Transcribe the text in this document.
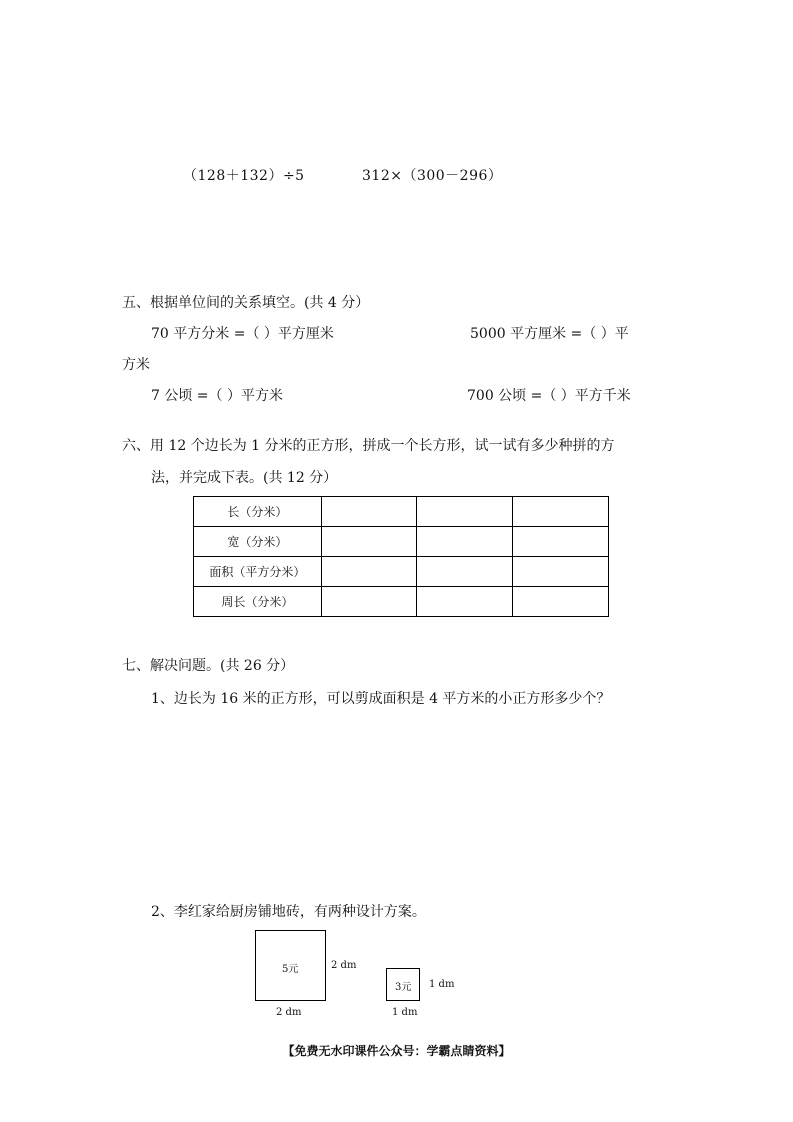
（128＋132）÷5	312×（300－296）
五、根据单位间的关系填空。(共 4 分）
70 平方分米 =（ ）平方厘米	5000 平方厘米 =（ ）平
方米
7 公顷 =（ ）平方米	700 公顷 =（ ）平方千米
六、用 12 个边长为 1 分米的正方形，拼成一个长方形，试一试有多少种拼的方
法，并完成下表。(共 12 分）
长（分米）			
宽（分米）			
面积（平方分米）			
周长（分米）			
七、解决问题。(共 26 分）
1、边长为 16 米的正方形，可以剪成面积是 4 平方米的小正方形多少个？
2、李红家给厨房铺地砖，有两种设计方案。
5元	2 dm
2 dm
3元 1 dm
1 dm
【免费无水印课件公众号：学霸点睛资料】
